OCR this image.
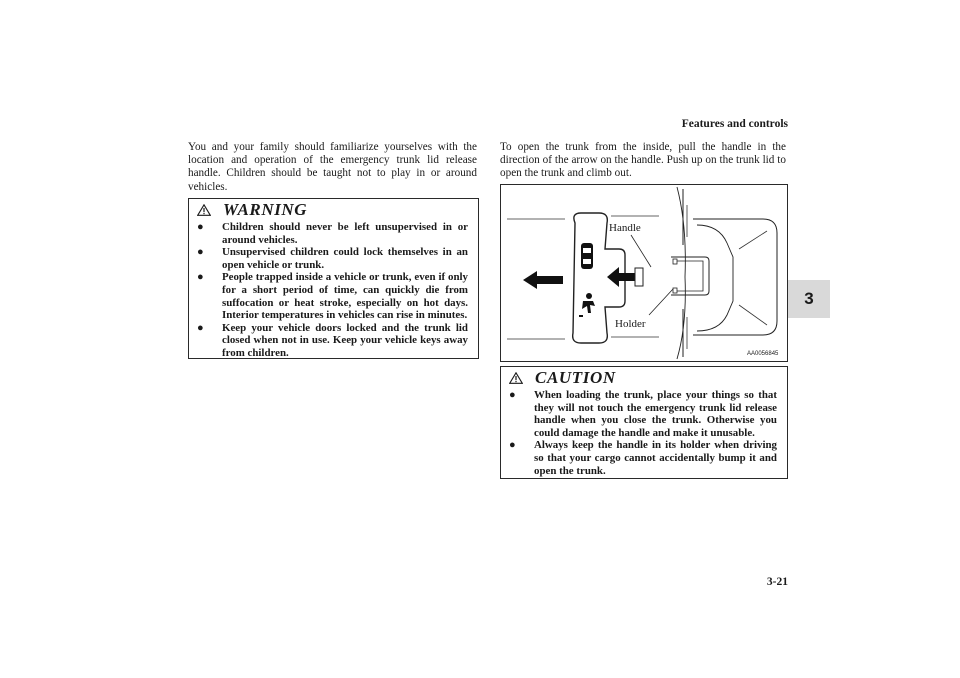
Features and controls
3

You and your family should familiarize yourselves with the location and operation of the emergency trunk lid release handle. Children should be taught not to play in or around vehicles.

WARNING
● Children should never be left unsupervised in or around vehicles.
● Unsupervised children could lock themselves in an open vehicle or trunk.
● People trapped inside a vehicle or trunk, even if only for a short period of time, can quickly die from suffocation or heat stroke, especially on hot days. Interior temperatures in vehicles can rise in minutes.
● Keep your vehicle doors locked and the trunk lid closed when not in use. Keep your vehicle keys away from children.

To open the trunk from the inside, pull the handle in the direction of the arrow on the handle. Push up on the trunk lid to open the trunk and climb out.

Handle
Holder
AA0056845
CAUTION
● When loading the trunk, place your things so that they will not touch the emergency trunk lid release handle when you close the trunk. Otherwise you could damage the handle and make it unusable.
● Always keep the handle in its holder when driving so that your cargo cannot accidentally bump it and open the trunk.
3-21
